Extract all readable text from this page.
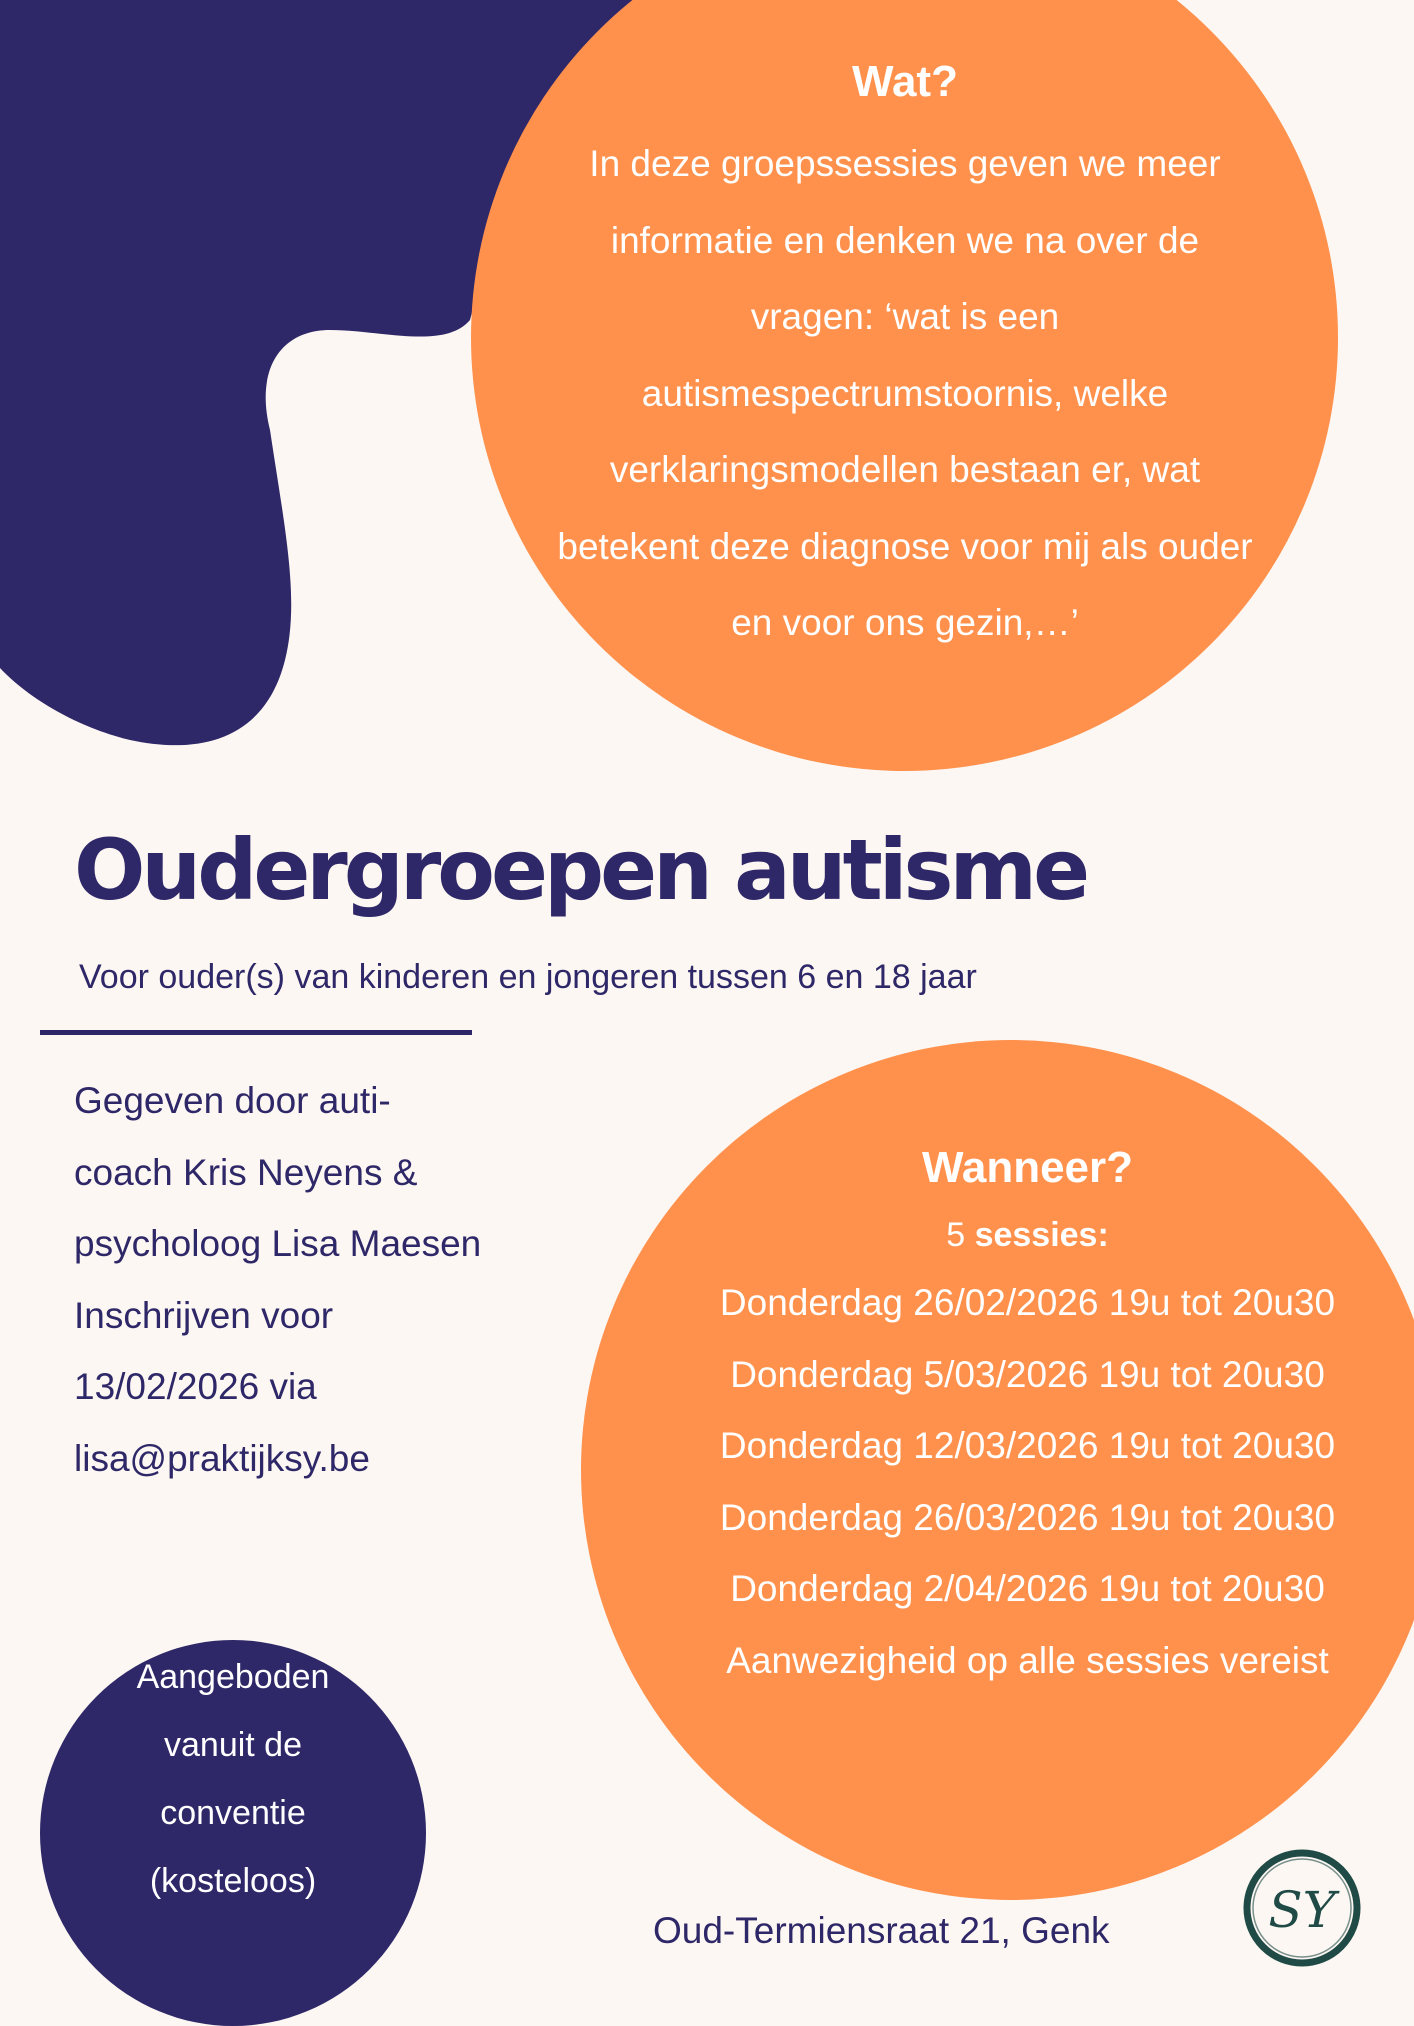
Wat?
In deze groepssessies geven we meer informatie en denken we na over de vragen: ‘wat is een autismespectrumstoornis, welke verklaringsmodellen bestaan er, wat betekent deze diagnose voor mij als ouder en voor ons gezin,…’
Oudergroepen autisme
Voor ouder(s) van kinderen en jongeren tussen 6 en 18 jaar
Gegeven door auti-
coach Kris Neyens &
psycholoog Lisa Maesen
Inschrijven voor
13/02/2026 via
lisa@praktijksy.be
Wanneer?
5 sessies:
Donderdag 26/02/2026 19u tot 20u30
Donderdag 5/03/2026 19u tot 20u30
Donderdag 12/03/2026 19u tot 20u30
Donderdag 26/03/2026 19u tot 20u30
Donderdag 2/04/2026 19u tot 20u30
Aanwezigheid op alle sessies vereist
Aangeboden
vanuit de
conventie
(kosteloos)
Oud-Termiensraat 21, Genk	SY
